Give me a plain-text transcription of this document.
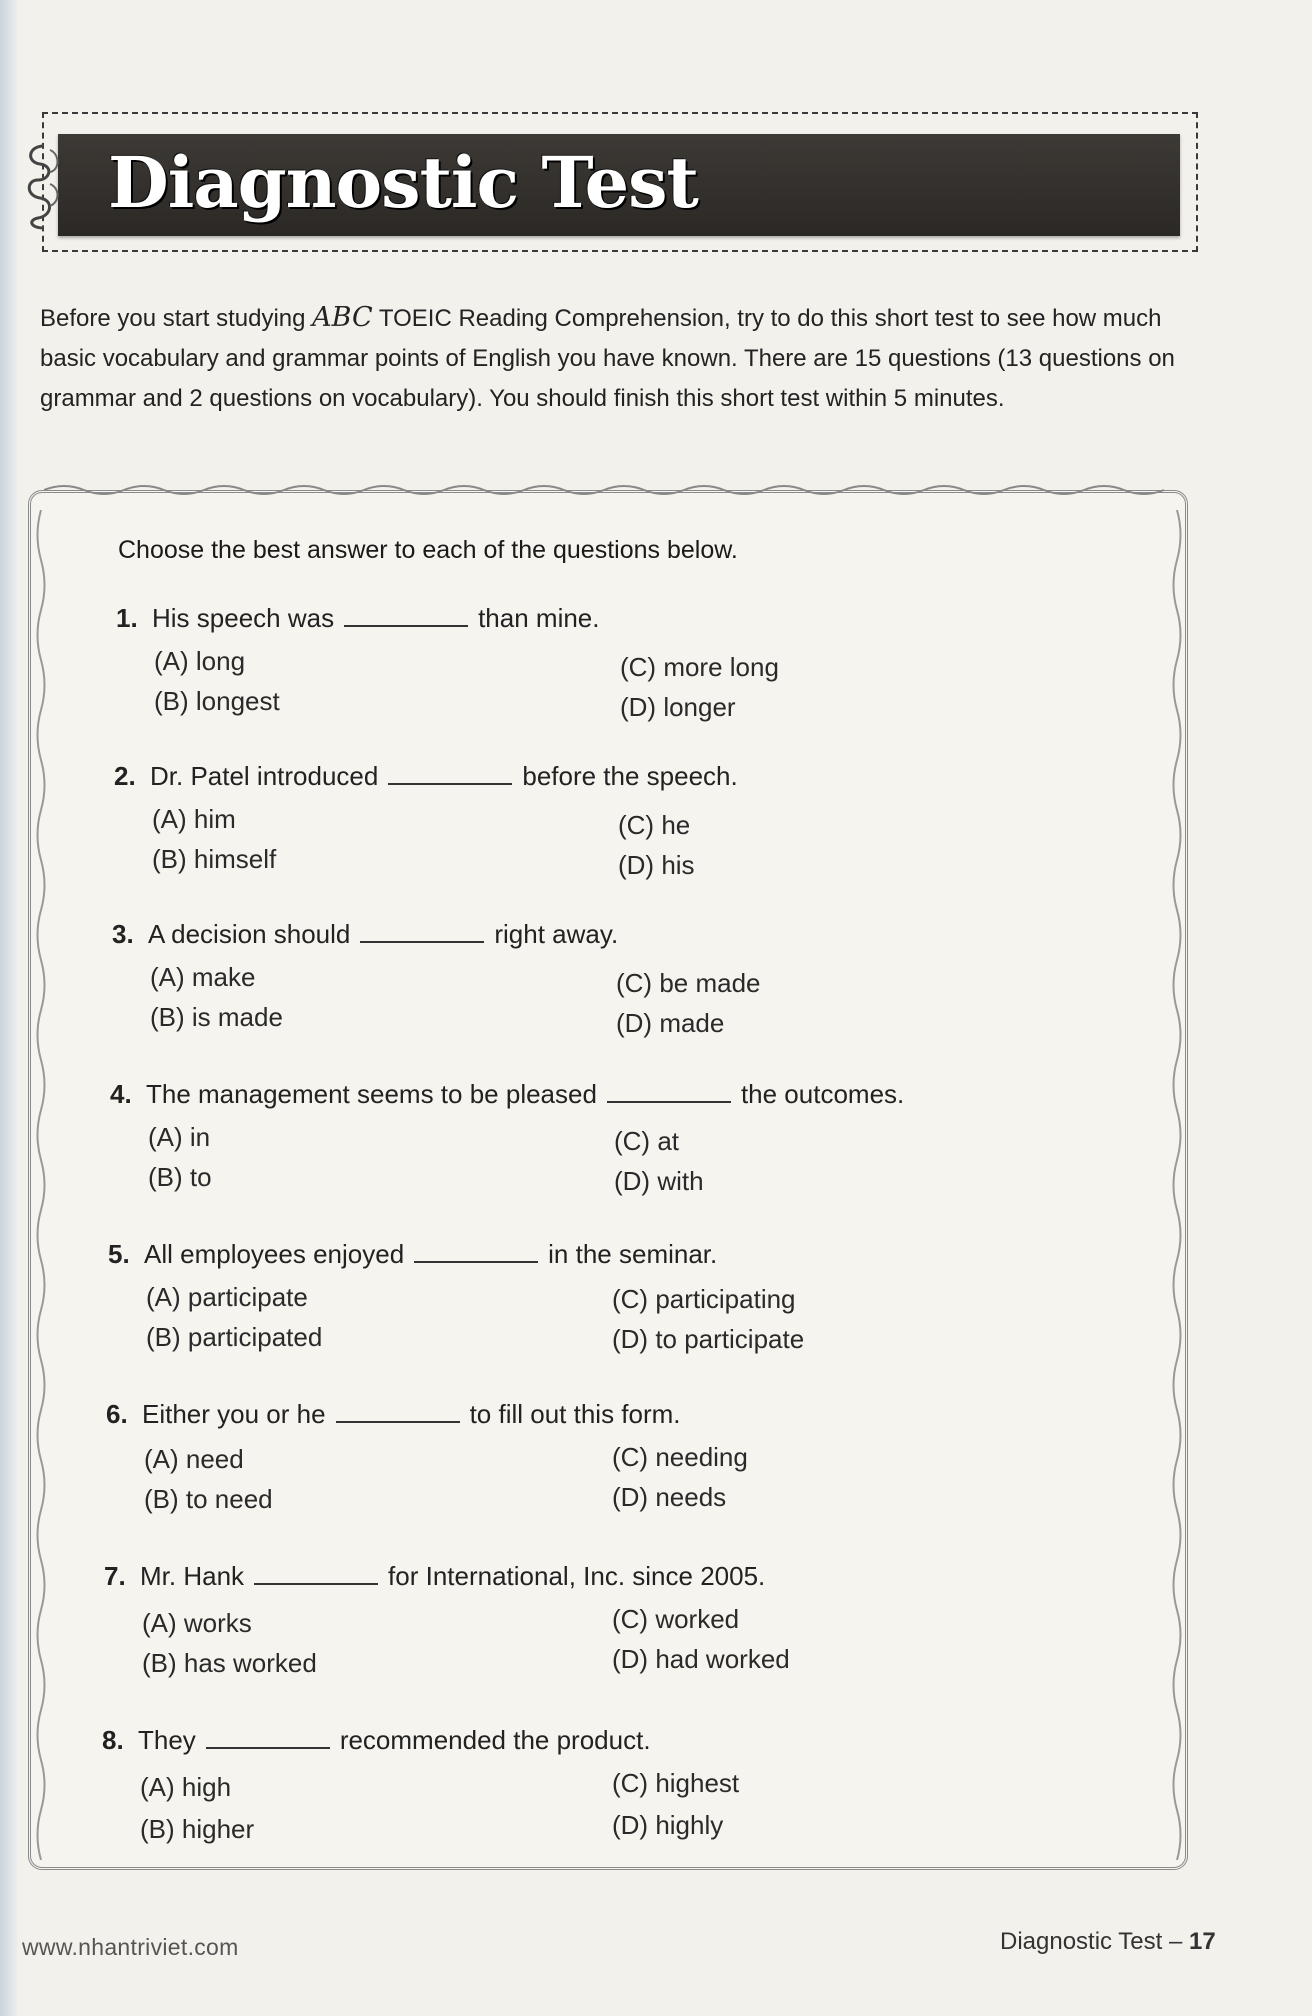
Diagnostic Test
Before you start studying ABC TOEIC Reading Comprehension, try to do this short test to see how much basic vocabulary and grammar points of English you have known. There are 15 questions (13 questions on grammar and 2 questions on vocabulary). You should finish this short test within 5 minutes.
Choose the best answer to each of the questions below.
1. His speech was	than mine.
(A) long
(B) longest
(C) more long
(D) longer
2. Dr. Patel introduced	before the speech.
(A) him
(B) himself
(C) he
(D) his
3. A decision should	right away.
(A) make
(B) is made
(C) be made
(D) made
4. The management seems to be pleased	the outcomes.
(A) in
(B) to
(C) at
(D) with
5. All employees enjoyed	in the seminar.
(A) participate
(B) participated
(C) participating
(D) to participate
6. Either you or he	to fill out this form.
(A) need
(B) to need
(C) needing
(D) needs
7. Mr. Hank	for International, Inc. since 2005.
(A) works
(B) has worked
(C) worked
(D) had worked
8. They	recommended the product.
(A) high
(B) higher
(C) highest
(D) highly
www.nhantriviet.com	Diagnostic Test – 17
